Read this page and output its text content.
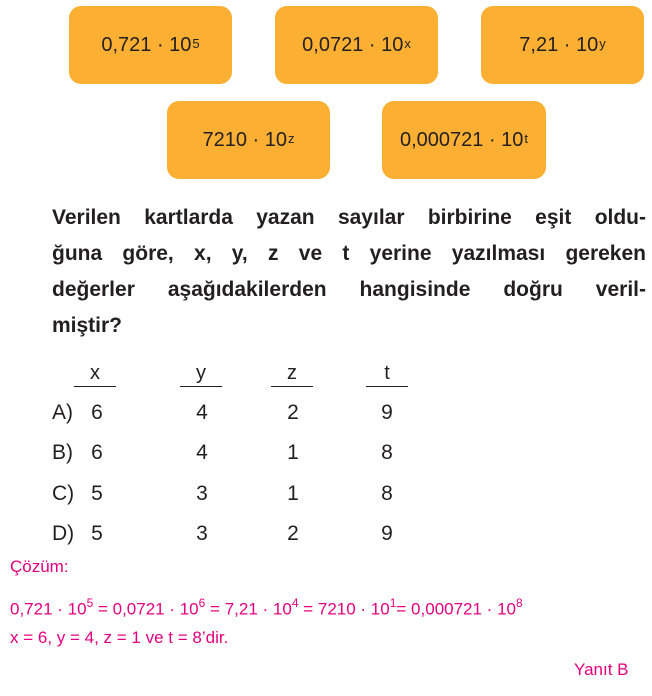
$0,721 \cdot 10^5$	$0,0721 \cdot 10^x$	$7,21 \cdot 10^y$
$7210 \cdot 10^z$	$0,000721 \cdot 10^t$
Verilen kartlarda yazan sayılar birbirine eşit oldu-
ğuna göre, x, y, z ve t yerine yazılması gereken
değerler aşağıdakilerden hangisinde doğru veril-
miştir?
x	y	z	t
A) 6	4	2	9
B) 6	4	1	8
C) 5	3	1	8
D) 5	3	2	9
Çözüm:
$0,721 \cdot 10^5 = 0,0721 \cdot 10^6 = 7,21 \cdot 10^4 = 7210 \cdot 10^1= 0,000721 \cdot 10^8$
x = 6, y = 4, z = 1 ve t = 8’dir.
Yanıt B
